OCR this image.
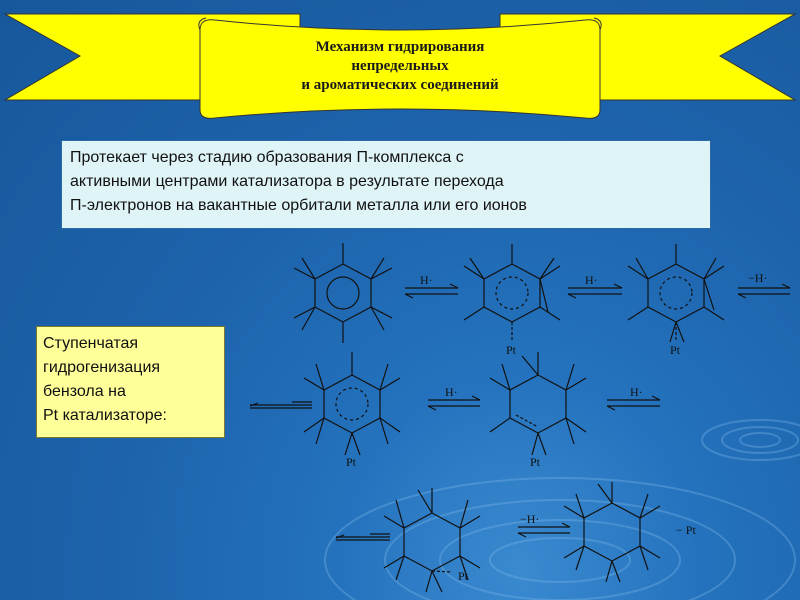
H·	H·	−H·
H·	H·
−H·
Pt	Pt
Pt	Pt
Pt
− Pt
Механизм гидрирования
непредельных
и ароматических соединений
Протекает через стадию образования П-комплекса с
активными центрами катализатора в результате перехода
П-электронов на вакантные орбитали металла или его ионов
Ступенчатая
гидрогенизация
бензола на
Pt катализаторе:
